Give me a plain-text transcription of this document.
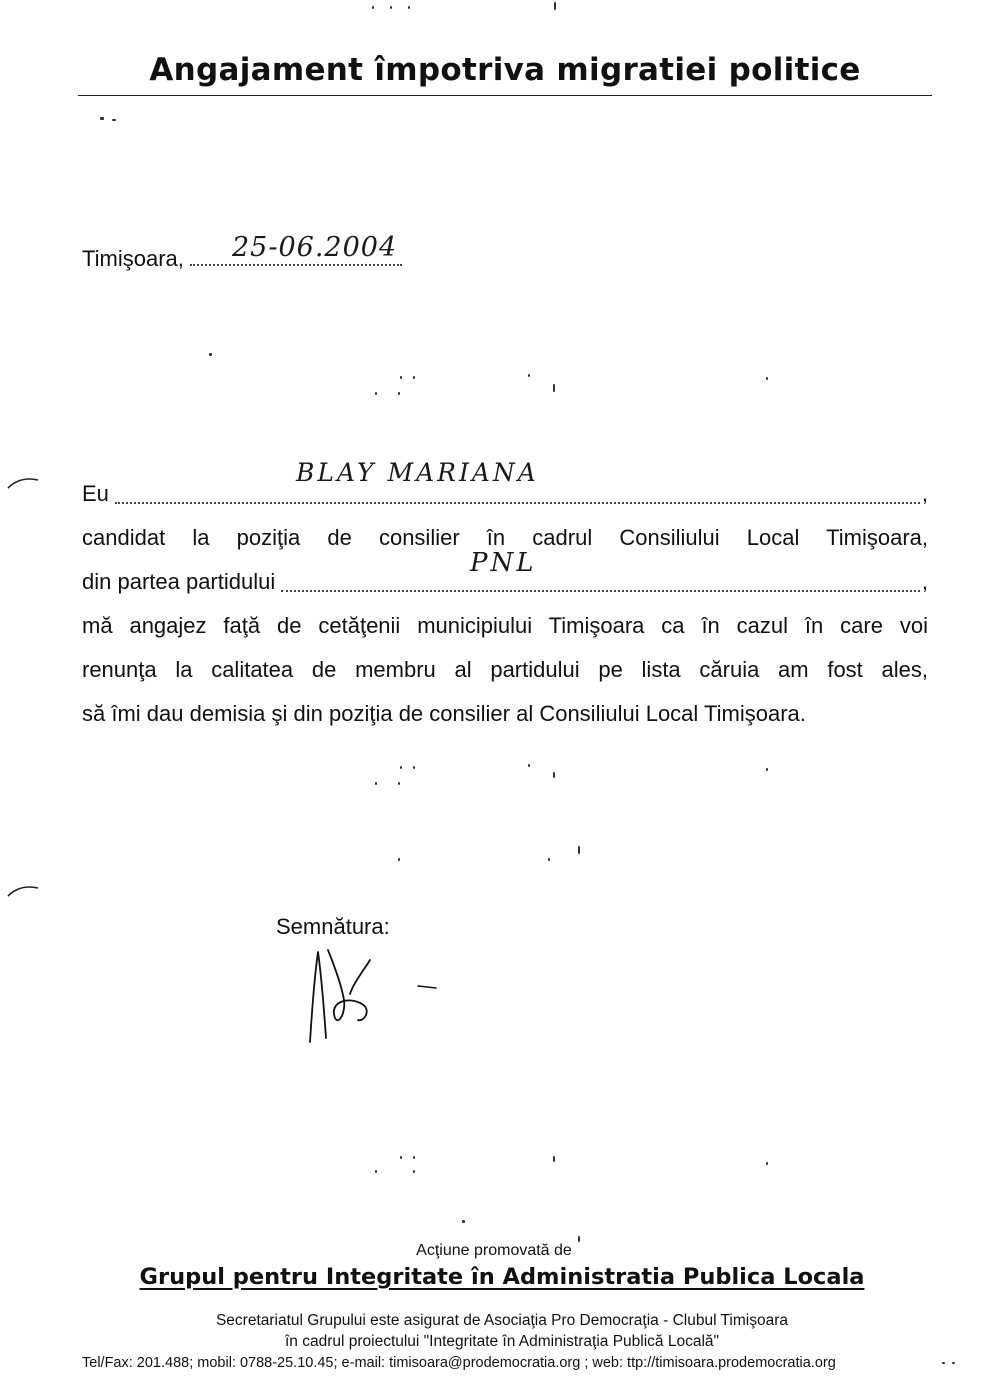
Angajament împotriva migratiei politice
Timişoara,	25-06.2004
Eu	,
candidat la poziţia de consilier în cadrul Consiliului Local Timişoara,
din partea partidului	,
mă angajez faţă de cetăţenii municipiului Timişoara ca în cazul în care voi
renunţa la calitatea de membru al partidului pe lista căruia am fost ales,
să îmi dau demisia şi din poziţia de consilier al Consiliului Local Timişoara.
BLAY MARIANA
PNL
Semnătura:
Acţiune promovată de
Grupul pentru Integritate în Administratia Publica Locala
Secretariatul Grupului este asigurat de Asociaţia Pro Democraţia - Clubul Timişoara
în cadrul proiectului "Integritate în Administraţia Publică Locală"
Tel/Fax: 201.488; mobil: 0788-25.10.45; e-mail: timisoara@prodemocratia.org ; web: ttp://timisoara.prodemocratia.org
